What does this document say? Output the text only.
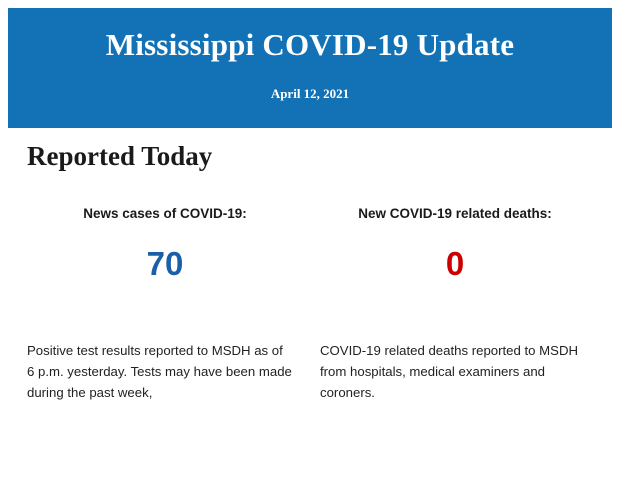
Mississippi COVID-19 Update
April 12, 2021
Reported Today
News cases of COVID-19:
70
New COVID-19 related deaths:
0

Positive test results reported to MSDH as of 6 p.m. yesterday. Tests may have been made during the past week,

COVID-19 related deaths reported to MSDH from hospitals, medical examiners and coroners.
